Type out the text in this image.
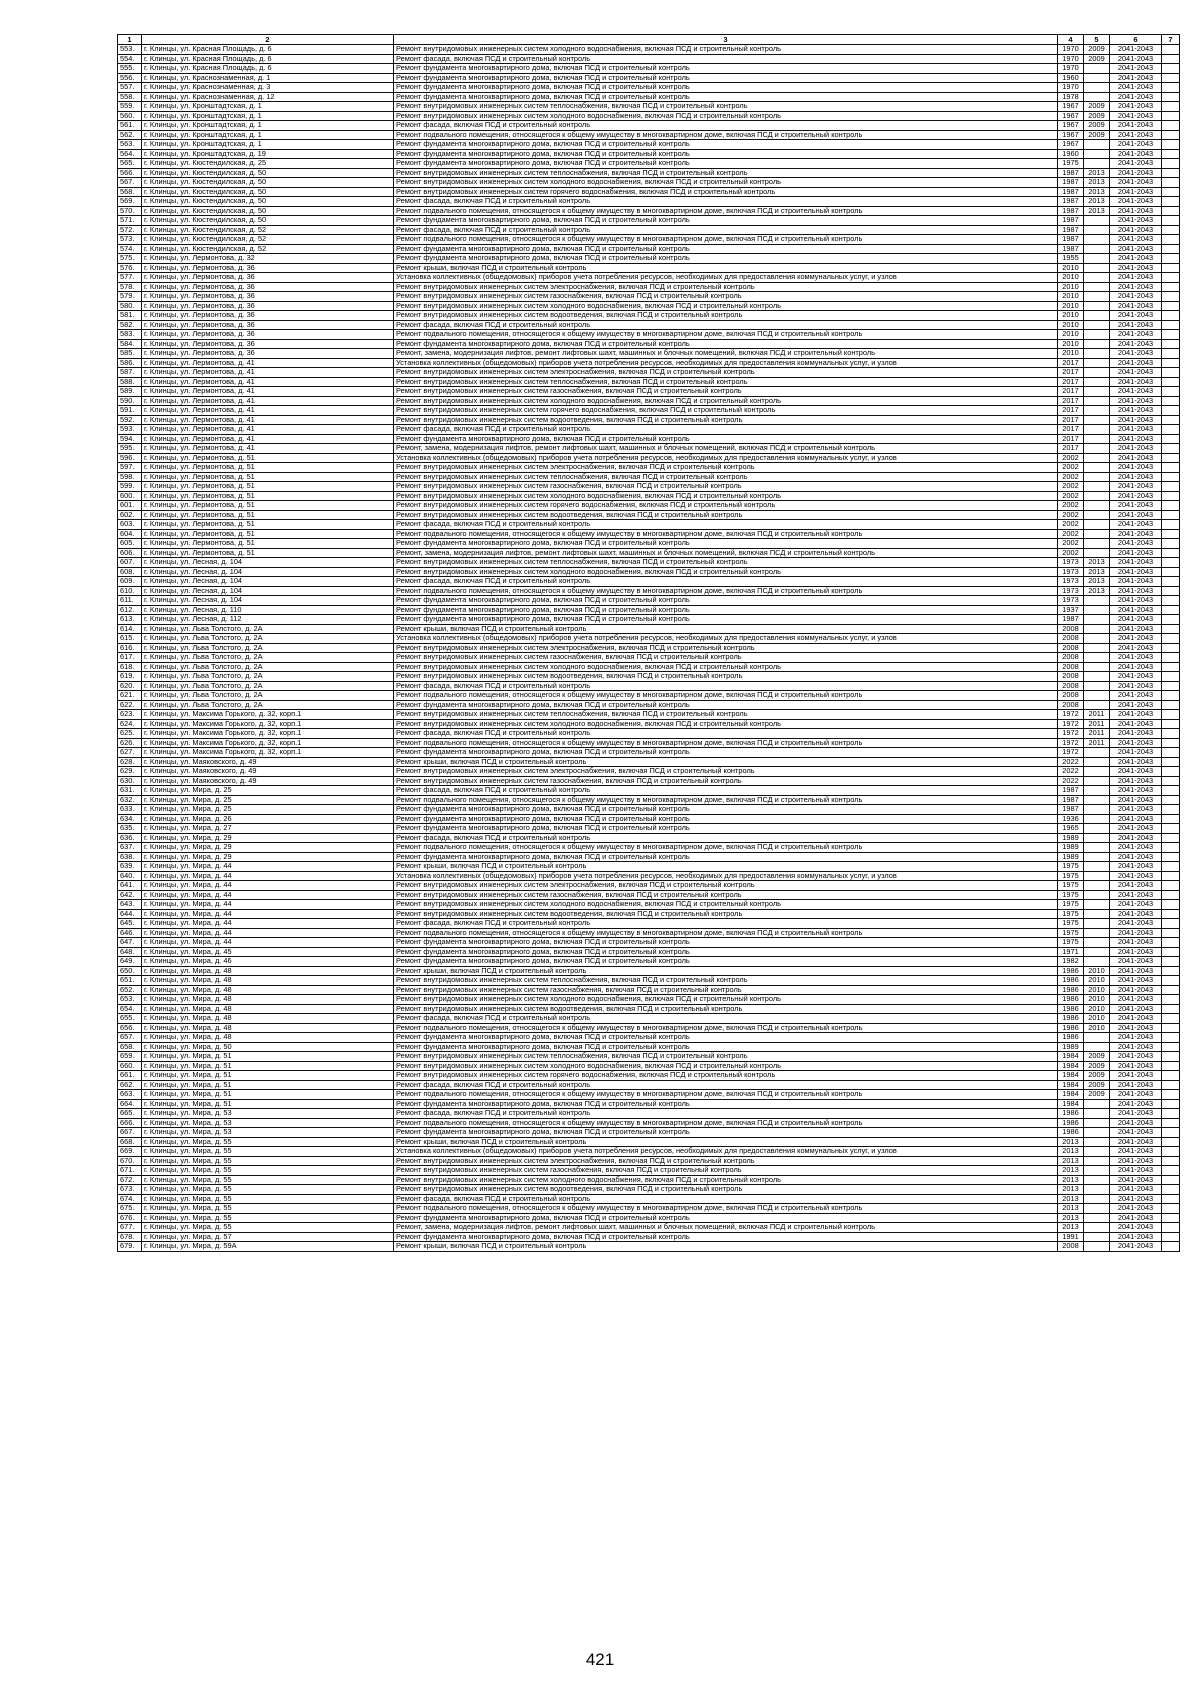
1	2	3	4	5	6	7
553.	г. Клинцы, ул. Красная Площадь, д. 6	Ремонт внутридомовых инженерных систем холодного водоснабжения, включая ПСД и строительный контроль	1970	2009	2041-2043	
554.	г. Клинцы, ул. Красная Площадь, д. 6	Ремонт фасада, включая ПСД и строительный контроль	1970	2009	2041-2043	
555.	г. Клинцы, ул. Красная Площадь, д. 6	Ремонт фундамента многоквартирного дома, включая ПСД и строительный контроль	1970		2041-2043	
556.	г. Клинцы, ул. Краснознаменная, д. 1	Ремонт фундамента многоквартирного дома, включая ПСД и строительный контроль	1960		2041-2043	
557.	г. Клинцы, ул. Краснознаменная, д. 3	Ремонт фундамента многоквартирного дома, включая ПСД и строительный контроль	1970		2041-2043	
558.	г. Клинцы, ул. Краснознаменная, д. 12	Ремонт фундамента многоквартирного дома, включая ПСД и строительный контроль	1978		2041-2043	
559.	г. Клинцы, ул. Кронштадтская, д. 1	Ремонт внутридомовых инженерных систем теплоснабжения, включая ПСД и строительный контроль	1967	2009	2041-2043	
560.	г. Клинцы, ул. Кронштадтская, д. 1	Ремонт внутридомовых инженерных систем холодного водоснабжения, включая ПСД и строительный контроль	1967	2009	2041-2043	
561.	г. Клинцы, ул. Кронштадтская, д. 1	Ремонт фасада, включая ПСД и строительный контроль	1967	2009	2041-2043	
562.	г. Клинцы, ул. Кронштадтская, д. 1	Ремонт подвального помещения, относящегося к общему имуществу в многоквартирном доме, включая ПСД и строительный контроль	1967	2009	2041-2043	
563.	г. Клинцы, ул. Кронштадтская, д. 1	Ремонт фундамента многоквартирного дома, включая ПСД и строительный контроль	1967		2041-2043	
564.	г. Клинцы, ул. Кронштадтская, д. 19	Ремонт фундамента многоквартирного дома, включая ПСД и строительный контроль	1960		2041-2043	
565.	г. Клинцы, ул. Кюстендилская, д. 25	Ремонт фундамента многоквартирного дома, включая ПСД и строительный контроль	1975		2041-2043	
566.	г. Клинцы, ул. Кюстендилская, д. 50	Ремонт внутридомовых инженерных систем теплоснабжения, включая ПСД и строительный контроль	1987	2013	2041-2043	
567.	г. Клинцы, ул. Кюстендилская, д. 50	Ремонт внутридомовых инженерных систем холодного водоснабжения, включая ПСД и строительный контроль	1987	2013	2041-2043	
568.	г. Клинцы, ул. Кюстендилская, д. 50	Ремонт внутридомовых инженерных систем горячего водоснабжения, включая ПСД и строительный контроль	1987	2013	2041-2043	
569.	г. Клинцы, ул. Кюстендилская, д. 50	Ремонт фасада, включая ПСД и строительный контроль	1987	2013	2041-2043	
570.	г. Клинцы, ул. Кюстендилская, д. 50	Ремонт подвального помещения, относящегося к общему имуществу в многоквартирном доме, включая ПСД и строительный контроль	1987	2013	2041-2043	
571.	г. Клинцы, ул. Кюстендилская, д. 50	Ремонт фундамента многоквартирного дома, включая ПСД и строительный контроль	1987		2041-2043	
572.	г. Клинцы, ул. Кюстендилская, д. 52	Ремонт фасада, включая ПСД и строительный контроль	1987		2041-2043	
573.	г. Клинцы, ул. Кюстендилская, д. 52	Ремонт подвального помещения, относящегося к общему имуществу в многоквартирном доме, включая ПСД и строительный контроль	1987		2041-2043	
574.	г. Клинцы, ул. Кюстендилская, д. 52	Ремонт фундамента многоквартирного дома, включая ПСД и строительный контроль	1987		2041-2043	
575.	г. Клинцы, ул. Лермонтова, д. 32	Ремонт фундамента многоквартирного дома, включая ПСД и строительный контроль	1955		2041-2043	
576.	г. Клинцы, ул. Лермонтова, д. 36	Ремонт крыши, включая ПСД и строительный контроль	2010		2041-2043	
577.	г. Клинцы, ул. Лермонтова, д. 36	Установка коллективных (общедомовых) приборов учета потребления ресурсов, необходимых для предоставления коммунальных услуг, и узлов	2010		2041-2043	
578.	г. Клинцы, ул. Лермонтова, д. 36	Ремонт внутридомовых инженерных систем электроснабжения, включая ПСД и строительный контроль	2010		2041-2043	
579.	г. Клинцы, ул. Лермонтова, д. 36	Ремонт внутридомовых инженерных систем газоснабжения, включая ПСД и строительный контроль	2010		2041-2043	
580.	г. Клинцы, ул. Лермонтова, д. 36	Ремонт внутридомовых инженерных систем холодного водоснабжения, включая ПСД и строительный контроль	2010		2041-2043	
581.	г. Клинцы, ул. Лермонтова, д. 36	Ремонт внутридомовых инженерных систем водоотведения, включая ПСД и строительный контроль	2010		2041-2043	
582.	г. Клинцы, ул. Лермонтова, д. 36	Ремонт фасада, включая ПСД и строительный контроль	2010		2041-2043	
583.	г. Клинцы, ул. Лермонтова, д. 36	Ремонт подвального помещения, относящегося к общему имуществу в многоквартирном доме, включая ПСД и строительный контроль	2010		2041-2043	
584.	г. Клинцы, ул. Лермонтова, д. 36	Ремонт фундамента многоквартирного дома, включая ПСД и строительный контроль	2010		2041-2043	
585.	г. Клинцы, ул. Лермонтова, д. 36	Ремонт, замена, модернизация лифтов, ремонт лифтовых шахт, машинных и блочных помещений, включая ПСД и строительный контроль	2010		2041-2043	
586.	г. Клинцы, ул. Лермонтова, д. 41	Установка коллективных (общедомовых) приборов учета потребления ресурсов, необходимых для предоставления коммунальных услуг, и узлов	2017		2041-2043	
587.	г. Клинцы, ул. Лермонтова, д. 41	Ремонт внутридомовых инженерных систем электроснабжения, включая ПСД и строительный контроль	2017		2041-2043	
588.	г. Клинцы, ул. Лермонтова, д. 41	Ремонт внутридомовых инженерных систем теплоснабжения, включая ПСД и строительный контроль	2017		2041-2043	
589.	г. Клинцы, ул. Лермонтова, д. 41	Ремонт внутридомовых инженерных систем газоснабжения, включая ПСД и строительный контроль	2017		2041-2043	
590.	г. Клинцы, ул. Лермонтова, д. 41	Ремонт внутридомовых инженерных систем холодного водоснабжения, включая ПСД и строительный контроль	2017		2041-2043	
591.	г. Клинцы, ул. Лермонтова, д. 41	Ремонт внутридомовых инженерных систем горячего водоснабжения, включая ПСД и строительный контроль	2017		2041-2043	
592.	г. Клинцы, ул. Лермонтова, д. 41	Ремонт внутридомовых инженерных систем водоотведения, включая ПСД и строительный контроль	2017		2041-2043	
593.	г. Клинцы, ул. Лермонтова, д. 41	Ремонт фасада, включая ПСД и строительный контроль	2017		2041-2043	
594.	г. Клинцы, ул. Лермонтова, д. 41	Ремонт фундамента многоквартирного дома, включая ПСД и строительный контроль	2017		2041-2043	
595.	г. Клинцы, ул. Лермонтова, д. 41	Ремонт, замена, модернизация лифтов, ремонт лифтовых шахт, машинных и блочных помещений, включая ПСД и строительный контроль	2017		2041-2043	
596.	г. Клинцы, ул. Лермонтова, д. 51	Установка коллективных (общедомовых) приборов учета потребления ресурсов, необходимых для предоставления коммунальных услуг, и узлов	2002		2041-2043	
597.	г. Клинцы, ул. Лермонтова, д. 51	Ремонт внутридомовых инженерных систем электроснабжения, включая ПСД и строительный контроль	2002		2041-2043	
598.	г. Клинцы, ул. Лермонтова, д. 51	Ремонт внутридомовых инженерных систем теплоснабжения, включая ПСД и строительный контроль	2002		2041-2043	
599.	г. Клинцы, ул. Лермонтова, д. 51	Ремонт внутридомовых инженерных систем газоснабжения, включая ПСД и строительный контроль	2002		2041-2043	
600.	г. Клинцы, ул. Лермонтова, д. 51	Ремонт внутридомовых инженерных систем холодного водоснабжения, включая ПСД и строительный контроль	2002		2041-2043	
601.	г. Клинцы, ул. Лермонтова, д. 51	Ремонт внутридомовых инженерных систем горячего водоснабжения, включая ПСД и строительный контроль	2002		2041-2043	
602.	г. Клинцы, ул. Лермонтова, д. 51	Ремонт внутридомовых инженерных систем водоотведения, включая ПСД и строительный контроль	2002		2041-2043	
603.	г. Клинцы, ул. Лермонтова, д. 51	Ремонт фасада, включая ПСД и строительный контроль	2002		2041-2043	
604.	г. Клинцы, ул. Лермонтова, д. 51	Ремонт подвального помещения, относящегося к общему имуществу в многоквартирном доме, включая ПСД и строительный контроль	2002		2041-2043	
605.	г. Клинцы, ул. Лермонтова, д. 51	Ремонт фундамента многоквартирного дома, включая ПСД и строительный контроль	2002		2041-2043	
606.	г. Клинцы, ул. Лермонтова, д. 51	Ремонт, замена, модернизация лифтов, ремонт лифтовых шахт, машинных и блочных помещений, включая ПСД и строительный контроль	2002		2041-2043	
607.	г. Клинцы, ул. Лесная, д. 104	Ремонт внутридомовых инженерных систем теплоснабжения, включая ПСД и строительный контроль	1973	2013	2041-2043	
608.	г. Клинцы, ул. Лесная, д. 104	Ремонт внутридомовых инженерных систем холодного водоснабжения, включая ПСД и строительный контроль	1973	2013	2041-2043	
609.	г. Клинцы, ул. Лесная, д. 104	Ремонт фасада, включая ПСД и строительный контроль	1973	2013	2041-2043	
610.	г. Клинцы, ул. Лесная, д. 104	Ремонт подвального помещения, относящегося к общему имуществу в многоквартирном доме, включая ПСД и строительный контроль	1973	2013	2041-2043	
611.	г. Клинцы, ул. Лесная, д. 104	Ремонт фундамента многоквартирного дома, включая ПСД и строительный контроль	1973		2041-2043	
612.	г. Клинцы, ул. Лесная, д. 110	Ремонт фундамента многоквартирного дома, включая ПСД и строительный контроль	1937		2041-2043	
613.	г. Клинцы, ул. Лесная, д. 112	Ремонт фундамента многоквартирного дома, включая ПСД и строительный контроль	1987		2041-2043	
614.	г. Клинцы, ул. Льва Толстого, д. 2А	Ремонт крыши, включая ПСД и строительный контроль	2008		2041-2043	
615.	г. Клинцы, ул. Льва Толстого, д. 2А	Установка коллективных (общедомовых) приборов учета потребления ресурсов, необходимых для предоставления коммунальных услуг, и узлов	2008		2041-2043	
616.	г. Клинцы, ул. Льва Толстого, д. 2А	Ремонт внутридомовых инженерных систем электроснабжения, включая ПСД и строительный контроль	2008		2041-2043	
617.	г. Клинцы, ул. Льва Толстого, д. 2А	Ремонт внутридомовых инженерных систем газоснабжения, включая ПСД и строительный контроль	2008		2041-2043	
618.	г. Клинцы, ул. Льва Толстого, д. 2А	Ремонт внутридомовых инженерных систем холодного водоснабжения, включая ПСД и строительный контроль	2008		2041-2043	
619.	г. Клинцы, ул. Льва Толстого, д. 2А	Ремонт внутридомовых инженерных систем водоотведения, включая ПСД и строительный контроль	2008		2041-2043	
620.	г. Клинцы, ул. Льва Толстого, д. 2А	Ремонт фасада, включая ПСД и строительный контроль	2008		2041-2043	
621.	г. Клинцы, ул. Льва Толстого, д. 2А	Ремонт подвального помещения, относящегося к общему имуществу в многоквартирном доме, включая ПСД и строительный контроль	2008		2041-2043	
622.	г. Клинцы, ул. Льва Толстого, д. 2А	Ремонт фундамента многоквартирного дома, включая ПСД и строительный контроль	2008		2041-2043	
623.	г. Клинцы, ул. Максима Горького, д. 32, корп.1	Ремонт внутридомовых инженерных систем теплоснабжения, включая ПСД и строительный контроль	1972	2011	2041-2043	
624.	г. Клинцы, ул. Максима Горького, д. 32, корп.1	Ремонт внутридомовых инженерных систем холодного водоснабжения, включая ПСД и строительный контроль	1972	2011	2041-2043	
625.	г. Клинцы, ул. Максима Горького, д. 32, корп.1	Ремонт фасада, включая ПСД и строительный контроль	1972	2011	2041-2043	
626.	г. Клинцы, ул. Максима Горького, д. 32, корп.1	Ремонт подвального помещения, относящегося к общему имуществу в многоквартирном доме, включая ПСД и строительный контроль	1972	2011	2041-2043	
627.	г. Клинцы, ул. Максима Горького, д. 32, корп.1	Ремонт фундамента многоквартирного дома, включая ПСД и строительный контроль	1972		2041-2043	
628.	г. Клинцы, ул. Маяковского, д. 49	Ремонт крыши, включая ПСД и строительный контроль	2022		2041-2043	
629.	г. Клинцы, ул. Маяковского, д. 49	Ремонт внутридомовых инженерных систем электроснабжения, включая ПСД и строительный контроль	2022		2041-2043	
630.	г. Клинцы, ул. Маяковского, д. 49	Ремонт внутридомовых инженерных систем газоснабжения, включая ПСД и строительный контроль	2022		2041-2043	
631.	г. Клинцы, ул. Мира, д. 25	Ремонт фасада, включая ПСД и строительный контроль	1987		2041-2043	
632.	г. Клинцы, ул. Мира, д. 25	Ремонт подвального помещения, относящегося к общему имуществу в многоквартирном доме, включая ПСД и строительный контроль	1987		2041-2043	
633.	г. Клинцы, ул. Мира, д. 25	Ремонт фундамента многоквартирного дома, включая ПСД и строительный контроль	1987		2041-2043	
634.	г. Клинцы, ул. Мира, д. 26	Ремонт фундамента многоквартирного дома, включая ПСД и строительный контроль	1936		2041-2043	
635.	г. Клинцы, ул. Мира, д. 27	Ремонт фундамента многоквартирного дома, включая ПСД и строительный контроль	1965		2041-2043	
636.	г. Клинцы, ул. Мира, д. 29	Ремонт фасада, включая ПСД и строительный контроль	1989		2041-2043	
637.	г. Клинцы, ул. Мира, д. 29	Ремонт подвального помещения, относящегося к общему имуществу в многоквартирном доме, включая ПСД и строительный контроль	1989		2041-2043	
638.	г. Клинцы, ул. Мира, д. 29	Ремонт фундамента многоквартирного дома, включая ПСД и строительный контроль	1989		2041-2043	
639.	г. Клинцы, ул. Мира, д. 44	Ремонт крыши, включая ПСД и строительный контроль	1975		2041-2043	
640.	г. Клинцы, ул. Мира, д. 44	Установка коллективных (общедомовых) приборов учета потребления ресурсов, необходимых для предоставления коммунальных услуг, и узлов	1975		2041-2043	
641.	г. Клинцы, ул. Мира, д. 44	Ремонт внутридомовых инженерных систем электроснабжения, включая ПСД и строительный контроль	1975		2041-2043	
642.	г. Клинцы, ул. Мира, д. 44	Ремонт внутридомовых инженерных систем газоснабжения, включая ПСД и строительный контроль	1975		2041-2043	
643.	г. Клинцы, ул. Мира, д. 44	Ремонт внутридомовых инженерных систем холодного водоснабжения, включая ПСД и строительный контроль	1975		2041-2043	
644.	г. Клинцы, ул. Мира, д. 44	Ремонт внутридомовых инженерных систем водоотведения, включая ПСД и строительный контроль	1975		2041-2043	
645.	г. Клинцы, ул. Мира, д. 44	Ремонт фасада, включая ПСД и строительный контроль	1975		2041-2043	
646.	г. Клинцы, ул. Мира, д. 44	Ремонт подвального помещения, относящегося к общему имуществу в многоквартирном доме, включая ПСД и строительный контроль	1975		2041-2043	
647.	г. Клинцы, ул. Мира, д. 44	Ремонт фундамента многоквартирного дома, включая ПСД и строительный контроль	1975		2041-2043	
648.	г. Клинцы, ул. Мира, д. 45	Ремонт фундамента многоквартирного дома, включая ПСД и строительный контроль	1971		2041-2043	
649.	г. Клинцы, ул. Мира, д. 46	Ремонт фундамента многоквартирного дома, включая ПСД и строительный контроль	1982		2041-2043	
650.	г. Клинцы, ул. Мира, д. 48	Ремонт крыши, включая ПСД и строительный контроль	1986	2010	2041-2043	
651.	г. Клинцы, ул. Мира, д. 48	Ремонт внутридомовых инженерных систем теплоснабжения, включая ПСД и строительный контроль	1986	2010	2041-2043	
652.	г. Клинцы, ул. Мира, д. 48	Ремонт внутридомовых инженерных систем газоснабжения, включая ПСД и строительный контроль	1986	2010	2041-2043	
653.	г. Клинцы, ул. Мира, д. 48	Ремонт внутридомовых инженерных систем холодного водоснабжения, включая ПСД и строительный контроль	1986	2010	2041-2043	
654.	г. Клинцы, ул. Мира, д. 48	Ремонт внутридомовых инженерных систем водоотведения, включая ПСД и строительный контроль	1986	2010	2041-2043	
655.	г. Клинцы, ул. Мира, д. 48	Ремонт фасада, включая ПСД и строительный контроль	1986	2010	2041-2043	
656.	г. Клинцы, ул. Мира, д. 48	Ремонт подвального помещения, относящегося к общему имуществу в многоквартирном доме, включая ПСД и строительный контроль	1986	2010	2041-2043	
657.	г. Клинцы, ул. Мира, д. 48	Ремонт фундамента многоквартирного дома, включая ПСД и строительный контроль	1986		2041-2043	
658.	г. Клинцы, ул. Мира, д. 50	Ремонт фундамента многоквартирного дома, включая ПСД и строительный контроль	1989		2041-2043	
659.	г. Клинцы, ул. Мира, д. 51	Ремонт внутридомовых инженерных систем теплоснабжения, включая ПСД и строительный контроль	1984	2009	2041-2043	
660.	г. Клинцы, ул. Мира, д. 51	Ремонт внутридомовых инженерных систем холодного водоснабжения, включая ПСД и строительный контроль	1984	2009	2041-2043	
661.	г. Клинцы, ул. Мира, д. 51	Ремонт внутридомовых инженерных систем горячего водоснабжения, включая ПСД и строительный контроль	1984	2009	2041-2043	
662.	г. Клинцы, ул. Мира, д. 51	Ремонт фасада, включая ПСД и строительный контроль	1984	2009	2041-2043	
663.	г. Клинцы, ул. Мира, д. 51	Ремонт подвального помещения, относящегося к общему имуществу в многоквартирном доме, включая ПСД и строительный контроль	1984	2009	2041-2043	
664.	г. Клинцы, ул. Мира, д. 51	Ремонт фундамента многоквартирного дома, включая ПСД и строительный контроль	1984		2041-2043	
665.	г. Клинцы, ул. Мира, д. 53	Ремонт фасада, включая ПСД и строительный контроль	1986		2041-2043	
666.	г. Клинцы, ул. Мира, д. 53	Ремонт подвального помещения, относящегося к общему имуществу в многоквартирном доме, включая ПСД и строительный контроль	1986		2041-2043	
667.	г. Клинцы, ул. Мира, д. 53	Ремонт фундамента многоквартирного дома, включая ПСД и строительный контроль	1986		2041-2043	
668.	г. Клинцы, ул. Мира, д. 55	Ремонт крыши, включая ПСД и строительный контроль	2013		2041-2043	
669.	г. Клинцы, ул. Мира, д. 55	Установка коллективных (общедомовых) приборов учета потребления ресурсов, необходимых для предоставления коммунальных услуг, и узлов	2013		2041-2043	
670.	г. Клинцы, ул. Мира, д. 55	Ремонт внутридомовых инженерных систем электроснабжения, включая ПСД и строительный контроль	2013		2041-2043	
671.	г. Клинцы, ул. Мира, д. 55	Ремонт внутридомовых инженерных систем газоснабжения, включая ПСД и строительный контроль	2013		2041-2043	
672.	г. Клинцы, ул. Мира, д. 55	Ремонт внутридомовых инженерных систем холодного водоснабжения, включая ПСД и строительный контроль	2013		2041-2043	
673.	г. Клинцы, ул. Мира, д. 55	Ремонт внутридомовых инженерных систем водоотведения, включая ПСД и строительный контроль	2013		2041-2043	
674.	г. Клинцы, ул. Мира, д. 55	Ремонт фасада, включая ПСД и строительный контроль	2013		2041-2043	
675.	г. Клинцы, ул. Мира, д. 55	Ремонт подвального помещения, относящегося к общему имуществу в многоквартирном доме, включая ПСД и строительный контроль	2013		2041-2043	
676.	г. Клинцы, ул. Мира, д. 55	Ремонт фундамента многоквартирного дома, включая ПСД и строительный контроль	2013		2041-2043	
677.	г. Клинцы, ул. Мира, д. 55	Ремонт, замена, модернизация лифтов, ремонт лифтовых шахт, машинных и блочных помещений, включая ПСД и строительный контроль	2013		2041-2043	
678.	г. Клинцы, ул. Мира, д. 57	Ремонт фундамента многоквартирного дома, включая ПСД и строительный контроль	1991		2041-2043	
679.	г. Клинцы, ул. Мира, д. 59А	Ремонт крыши, включая ПСД и строительный контроль	2008		2041-2043	
421
